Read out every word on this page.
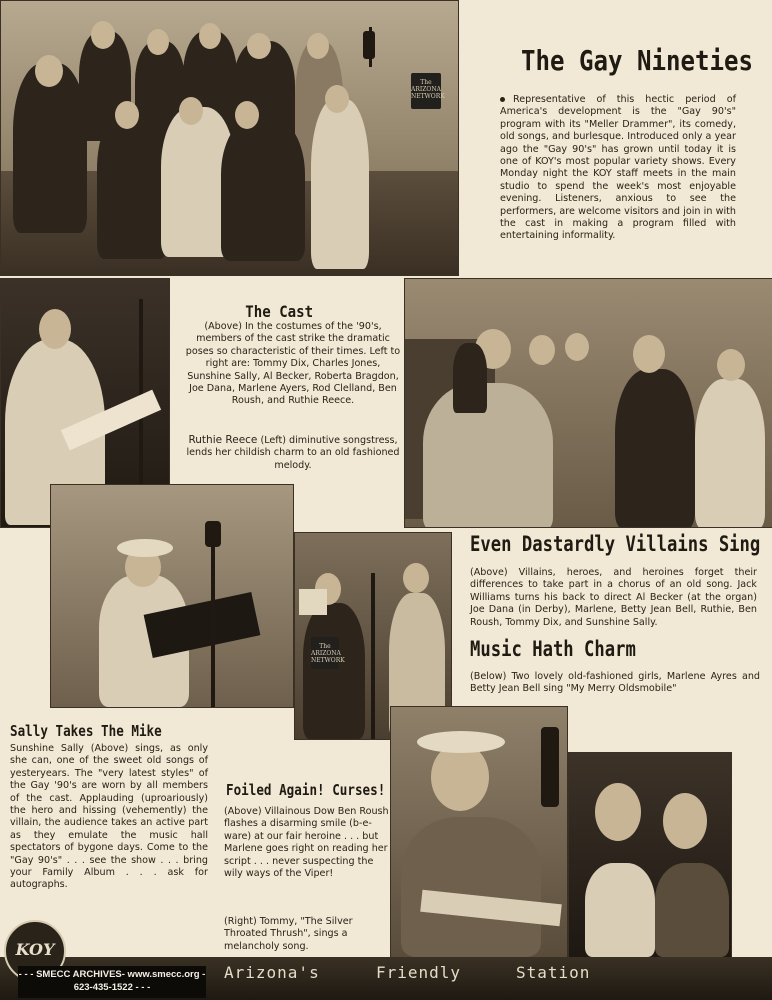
The ARIZONA NETWORK
The Gay Nineties

Representative of this hectic period of America's development is the "Gay 90's" program with its "Meller Drammer", its comedy, old songs, and burlesque. Introduced only a year ago the "Gay 90's" has grown until today it is one of KOY's most popular variety shows. Every Monday night the KOY staff meets in the main studio to spend the week's most enjoyable evening. Listeners, anxious to see the performers, are welcome visitors and join in with the cast in making a program filled with entertaining informality.

The Cast

(Above) In the costumes of the '90's, members of the cast strike the dramatic poses so characteristic of their times. Left to right are: Tommy Dix, Charles Jones, Sunshine Sally, Al Becker, Roberta Bragdon, Joe Dana, Marlene Ayers, Rod Clelland, Ben Roush, and Ruthie Reece.

Ruthie Reece (Left) diminutive songstress, lends her childish charm to an old fashioned melody.

Even Dastardly Villains Sing

(Above) Villains, heroes, and heroines forget their differences to take part in a chorus of an old song. Jack Williams turns his back to direct Al Becker (at the organ) Joe Dana (in Derby), Marlene, Betty Jean Bell, Ruthie, Ben Roush, Tommy Dix, and Sunshine Sally.

Music Hath Charm

(Below) Two lovely old-fashioned girls, Marlene Ayres and Betty Jean Bell sing "My Merry Oldsmobile"

The ARIZONA NETWORK
Sally Takes The Mike

Sunshine Sally (Above) sings, as only she can, one of the sweet old songs of yesteryears. The "very latest styles" of the Gay '90's are worn by all members of the cast. Applauding (uproariously) the hero and hissing (vehemently) the villain, the audience takes an active part as they emulate the music hall spectators of bygone days. Come to the "Gay 90's" . . . see the show . . . bring your Family Album . . . ask for autographs.

Foiled Again! Curses!

(Above) Villainous Dow Ben Roush flashes a disarming smile (b-e-ware) at our fair heroine . . . but Marlene goes right on reading her script . . . never suspecting the wily ways of the Viper!

(Right) Tommy, "The Silver Throated Thrush", sings a melancholy song.

Arizona's	Friendly	Station
KOY
- - - SMECC ARCHIVES- www.smecc.org -
623-435-1522 - - -
